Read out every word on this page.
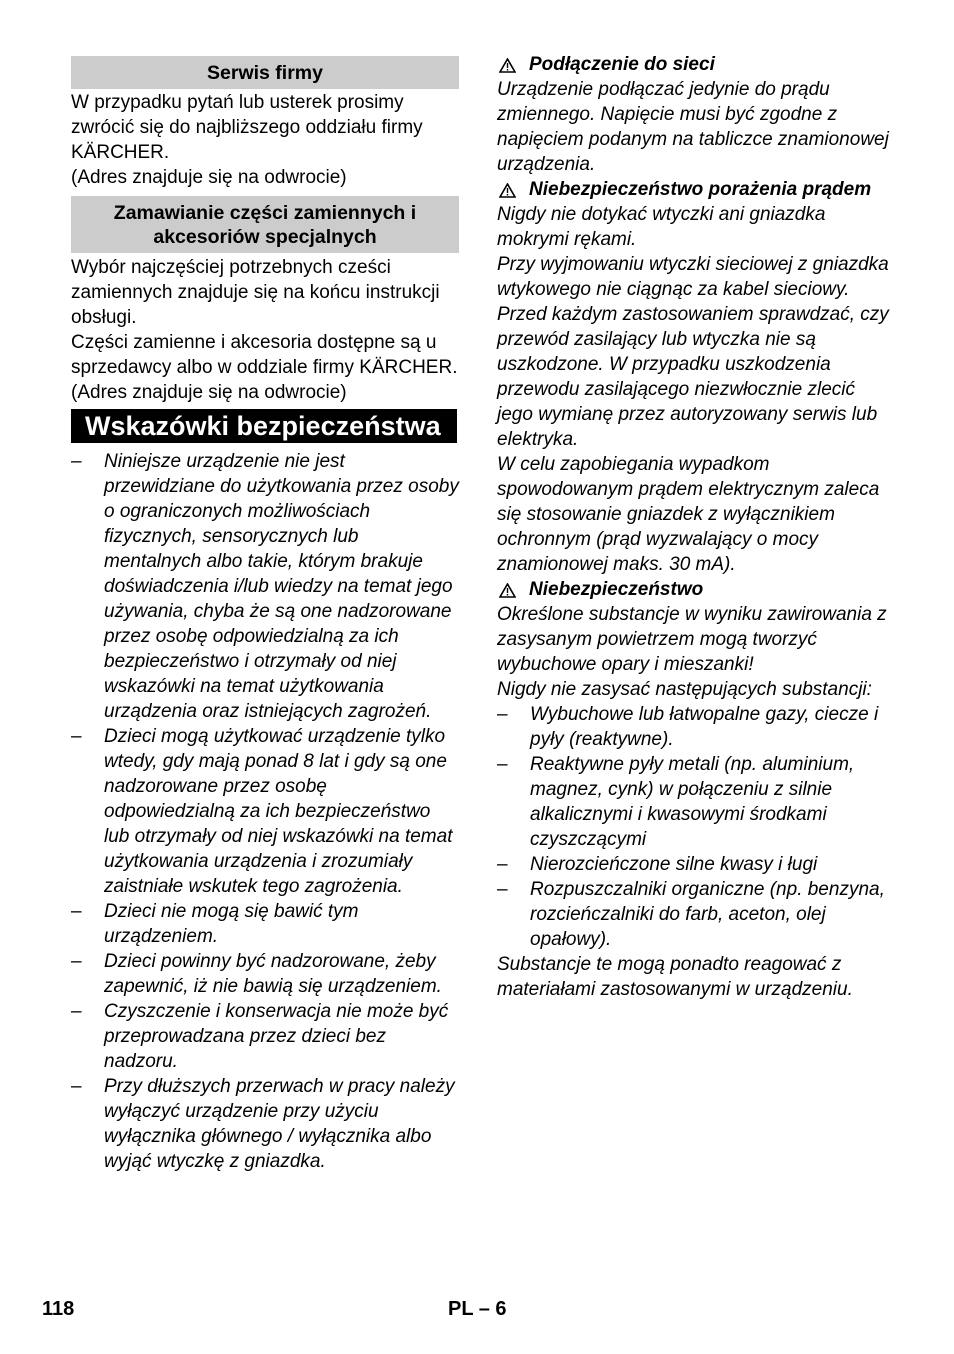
Serwis firmy

W przypadku pytań lub usterek prosimy zwrócić się do najbliższego oddziału firmy KÄRCHER.

(Adres znajduje się na odwrocie)

Zamawianie części zamiennych i akcesoriów specjalnych

Wybór najczęściej potrzebnych cześci zamiennych znajduje się na końcu instrukcji obsługi.

Części zamienne i akcesoria dostępne są u sprzedawcy albo w oddziale firmy KÄRCHER.

(Adres znajduje się na odwrocie)

Wskazówki bezpieczeństwa
– Niniejsze urządzenie nie jest przewidziane do użytkowania przez osoby o ograniczonych możliwościach fizycznych, sensorycznych lub mentalnych albo takie, którym brakuje doświadczenia i/lub wiedzy na temat jego używania, chyba że są one nadzorowane przez osobę odpowiedzialną za ich bezpieczeństwo i otrzymały od niej wskazówki na temat użytkowania urządzenia oraz istniejących zagrożeń.
– Dzieci mogą użytkować urządzenie tylko wtedy, gdy mają ponad 8 lat i gdy są one nadzorowane przez osobę odpowiedzialną za ich bezpieczeństwo lub otrzymały od niej wskazówki na temat użytkowania urządzenia i zrozumiały zaistniałe wskutek tego zagrożenia.
– Dzieci nie mogą się bawić tym urządzeniem.
– Dzieci powinny być nadzorowane, żeby zapewnić, iż nie bawią się urządzeniem.
– Czyszczenie i konserwacja nie może być przeprowadzana przez dzieci bez nadzoru.
– Przy dłuższych przerwach w pracy należy wyłączyć urządzenie przy użyciu wyłącznika głównego / wyłącznika albo wyjąć wtyczkę z gniazdka.
Podłączenie do sieci

Urządzenie podłączać jedynie do prądu zmiennego. Napięcie musi być zgodne z napięciem podanym na tabliczce znamionowej urządzenia.

Niebezpieczeństwo porażenia prądem

Nigdy nie dotykać wtyczki ani gniazdka mokrymi rękami.

Przy wyjmowaniu wtyczki sieciowej z gniazdka wtykowego nie ciągnąc za kabel sieciowy.

Przed każdym zastosowaniem sprawdzać, czy przewód zasilający lub wtyczka nie są uszkodzone. W przypadku uszkodzenia przewodu zasilającego niezwłocznie zlecić jego wymianę przez autoryzowany serwis lub elektryka.

W celu zapobiegania wypadkom spowodowanym prądem elektrycznym zaleca się stosowanie gniazdek z wyłącznikiem ochronnym (prąd wyzwalający o mocy znamionowej maks. 30 mA).

Niebezpieczeństwo

Określone substancje w wyniku zawirowania z zasysanym powietrzem mogą tworzyć wybuchowe opary i mieszanki!

Nigdy nie zasysać następujących substancji:

– Wybuchowe lub łatwopalne gazy, ciecze i pyły (reaktywne).
– Reaktywne pyły metali (np. aluminium, magnez, cynk) w połączeniu z silnie alkalicznymi i kwasowymi środkami czyszczącymi
– Nierozcieńczone silne kwasy i ługi
– Rozpuszczalniki organiczne (np. benzyna, rozcieńczalniki do farb, aceton, olej opałowy).

Substancje te mogą ponadto reagować z materiałami zastosowanymi w urządzeniu.

118	PL – 6
